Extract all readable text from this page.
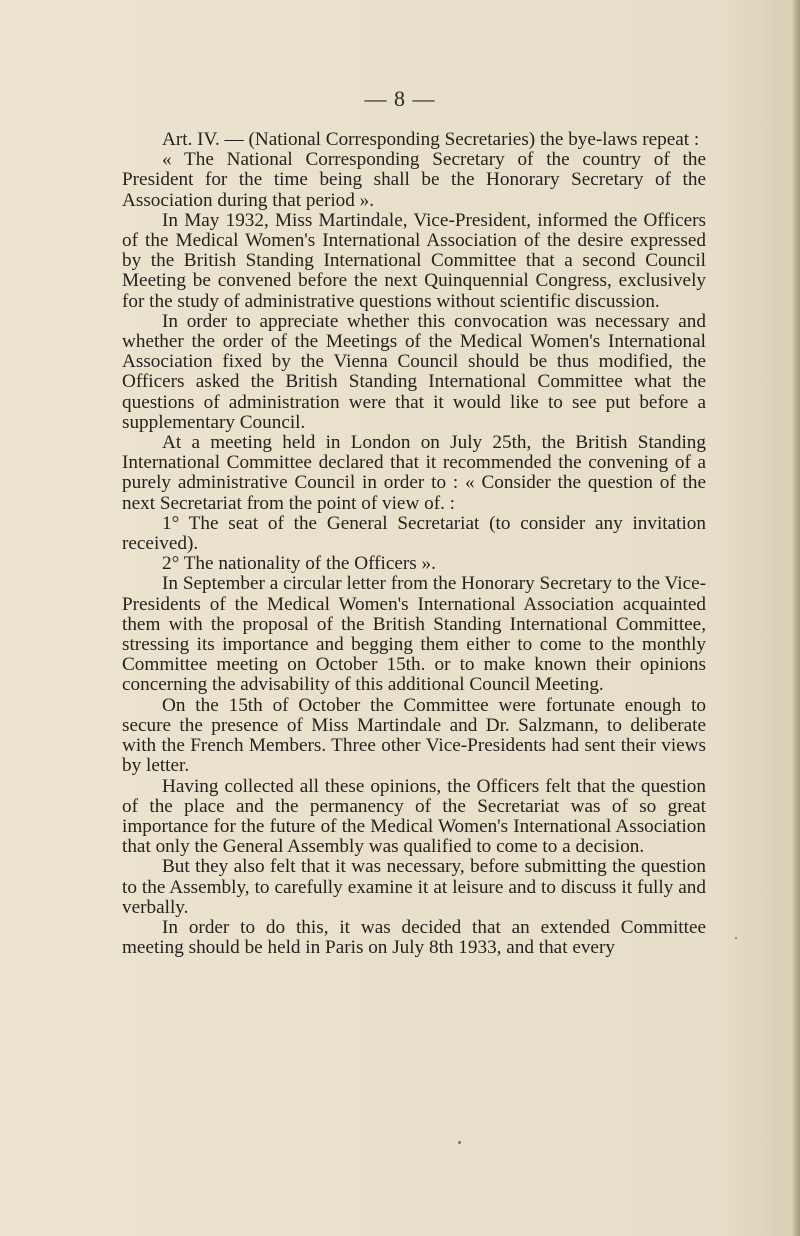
— 8 —

Art. IV. — (National Corresponding Secretaries) the bye-laws repeat :

« The National Corresponding Secretary of the country of the President for the time being shall be the Honorary Secretary of the Association during that period ».

In May 1932, Miss Martindale, Vice-President, informed the Officers of the Medical Women's International Association of the desire expressed by the British Standing International Committee that a second Council Meeting be convened before the next Quinquennial Congress, exclusively for the study of administrative questions without scientific discussion.

In order to appreciate whether this convocation was necessary and whether the order of the Meetings of the Medical Women's International Association fixed by the Vienna Council should be thus modified, the Officers asked the British Standing International Committee what the questions of administration were that it would like to see put before a supplementary Council.

At a meeting held in London on July 25th, the British Standing International Committee declared that it recommended the convening of a purely administrative Council in order to : « Consider the question of the next Secretariat from the point of view of. :

1° The seat of the General Secretariat (to consider any invitation received).

2° The nationality of the Officers ».

In September a circular letter from the Honorary Secretary to the Vice-Presidents of the Medical Women's International Association acquainted them with the proposal of the British Standing International Committee, stressing its importance and begging them either to come to the monthly Committee meeting on October 15th. or to make known their opinions concerning the advisability of this additional Council Meeting.

On the 15th of October the Committee were fortunate enough to secure the presence of Miss Martindale and Dr. Salzmann, to deliberate with the French Members. Three other Vice-Presidents had sent their views by letter.

Having collected all these opinions, the Officers felt that the question of the place and the permanency of the Secretariat was of so great importance for the future of the Medical Women's International Association that only the General Assembly was qualified to come to a decision.

But they also felt that it was necessary, before submitting the question to the Assembly, to carefully examine it at leisure and to discuss it fully and verbally.

In order to do this, it was decided that an extended Committee meeting should be held in Paris on July 8th 1933, and that every
